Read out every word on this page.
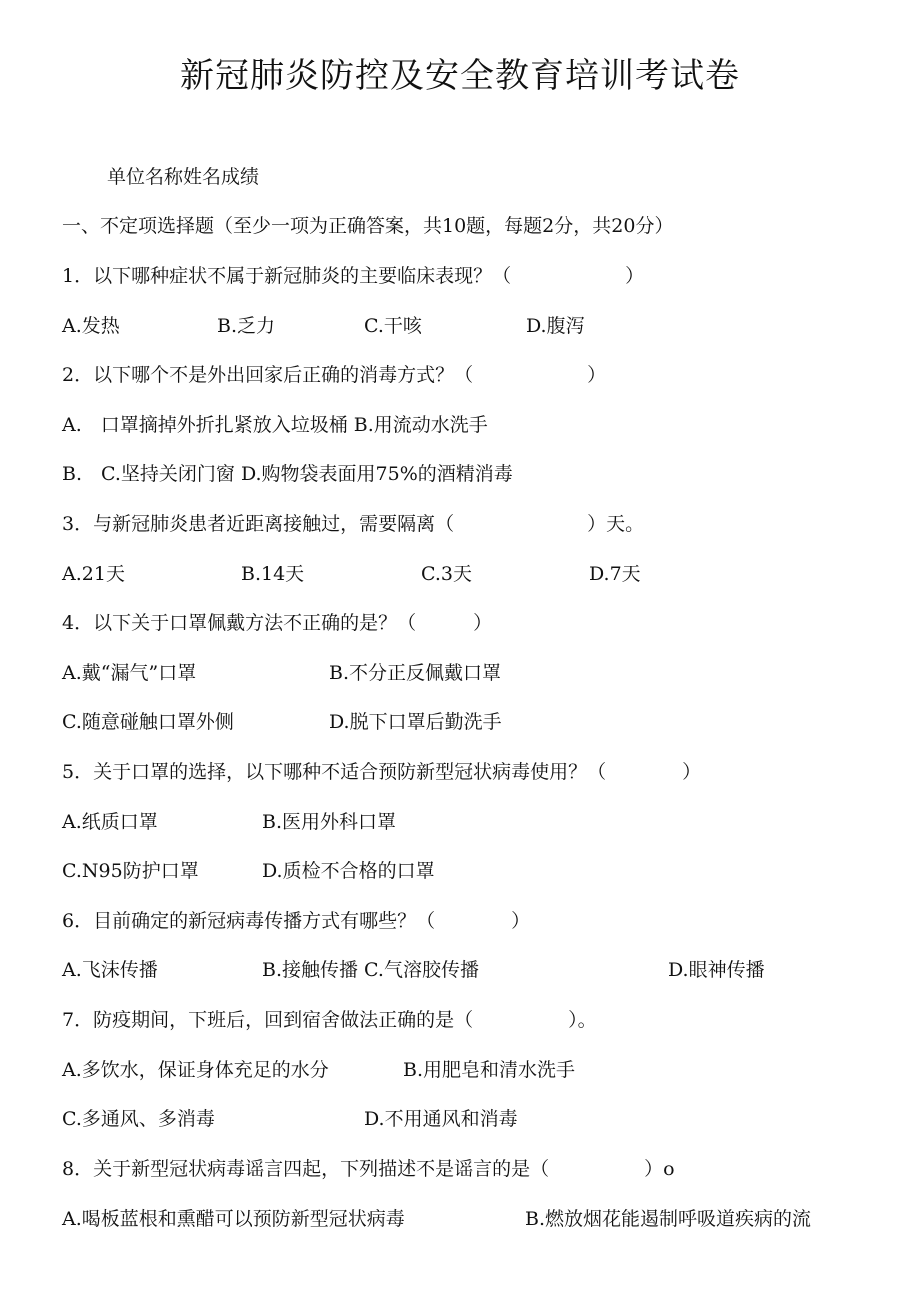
新冠肺炎防控及安全教育培训考试卷
单位名称姓名成绩
一、不定项选择题（至少一项为正确答案，共10题，每题2分，共20分）
1．以下哪种症状不属于新冠肺炎的主要临床表现？（　　　　　　）
A.发热	B.乏力	C.干咳	D.腹泻
2．以下哪个不是外出回家后正确的消毒方式？（　　　　　　）
A.　口罩摘掉外折扎紧放入垃圾桶 B.用流动水洗手
B.　C.坚持关闭门窗 D.购物袋表面用75%的酒精消毒
3．与新冠肺炎患者近距离接触过，需要隔离（　　　　　　　）天。
A.21天	B.14天	C.3天	D.7天
4．以下关于口罩佩戴方法不正确的是？（　　　）
A.戴“漏气”口罩	B.不分正反佩戴口罩
C.随意碰触口罩外侧	D.脱下口罩后勤洗手
5．关于口罩的选择，以下哪种不适合预防新型冠状病毒使用？（　　　　）
A.纸质口罩	B.医用外科口罩
C.N95防护口罩	D.质检不合格的口罩
6．目前确定的新冠病毒传播方式有哪些？（　　　　）
A.飞沫传播	B.接触传播 C.气溶胶传播	D.眼神传播
7．防疫期间，下班后，回到宿舍做法正确的是（　　　　　）。
A.多饮水，保证身体充足的水分	B.用肥皂和清水洗手
C.多通风、多消毒	D.不用通风和消毒
8．关于新型冠状病毒谣言四起，下列描述不是谣言的是（　　　　　）o
A.喝板蓝根和熏醋可以预防新型冠状病毒	B.燃放烟花能遏制呼吸道疾病的流
